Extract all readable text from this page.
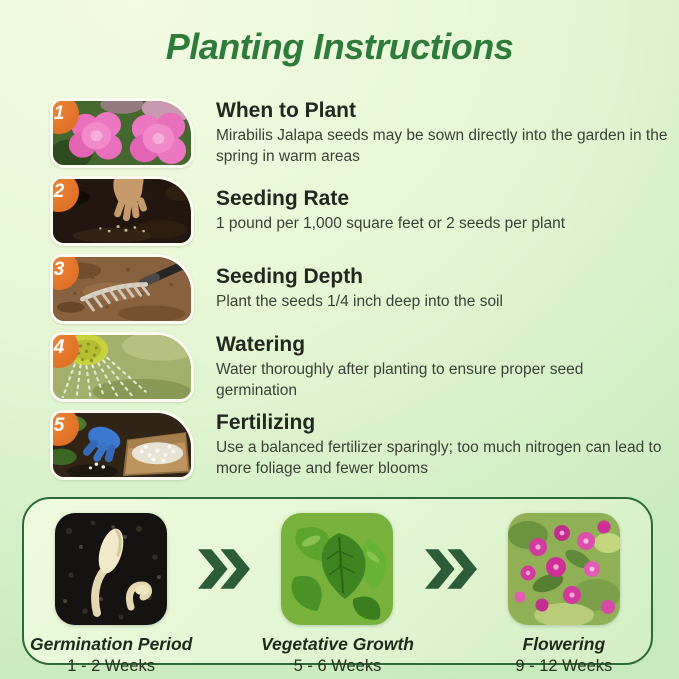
Planting Instructions
1	When to Plant
Mirabilis Jalapa seeds may be sown directly into the garden in the spring in warm areas
2	Seeding Rate
1 pound per 1,000 square feet or 2 seeds per plant
3	Seeding Depth
Plant the seeds 1/4 inch deep into the soil
4	Watering
Water thoroughly after planting to ensure proper seed germination
5	Fertilizing
Use a balanced fertilizer sparingly; too much nitrogen can lead to more foliage and fewer blooms
Germination Period
1 - 2 Weeks
Vegetative Growth
5 - 6 Weeks
Flowering
9 - 12 Weeks
